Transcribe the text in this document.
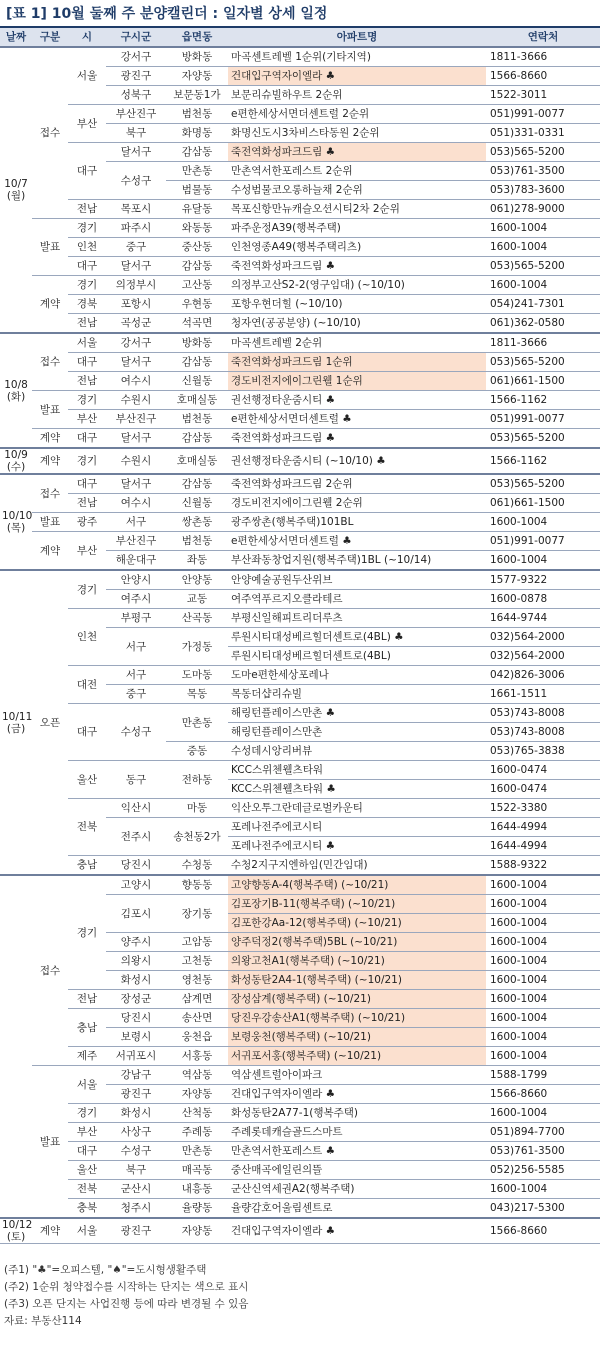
[표 1] 10월 둘째 주 분양캘린더 : 일자별 상세 일정
날짜	구분	시	구시군	읍면동	아파트명	연락처
10/7
(월)	접수	서울	강서구	방화동	마곡센트레벨 1순위(기타지역)	1811-3666
			광진구	자양동	건대입구역자이엘라 ♣	1566-8660
			성북구	보문동1가	보문리슈빌하우트 2순위	1522-3011
		부산	부산진구	범천동	e편한세상서면더센트럴 2순위	051)991-0077
			북구	화명동	화명신도시3차비스타동원 2순위	051)331-0331
		대구	달서구	감삼동	죽전역화성파크드림 ♣	053)565-5200
			수성구	만촌동	만촌역서한포레스트 2순위	053)761-3500
				범물동	수성범물코오롱하늘채 2순위	053)783-3600
		전남	목포시	유달동	목포신항만뉴캐슬오션시티2차 2순위	061)278-9000
	발표	경기	파주시	와동동	파주운정A39(행복주택)	1600-1004
		인천	중구	중산동	인천영종A49(행복주택리츠)	1600-1004
		대구	달서구	감삼동	죽전역화성파크드림 ♣	053)565-5200
	계약	경기	의정부시	고산동	의정부고산S2-2(영구임대) (~10/10)	1600-1004
		경북	포항시	우현동	포항우현더힐 (~10/10)	054)241-7301
		전남	곡성군	석곡면	청자연(공공분양) (~10/10)	061)362-0580
10/8
(화)	접수	서울	강서구	방화동	마곡센트레벨 2순위	1811-3666
		대구	달서구	감삼동	죽전역화성파크드림 1순위	053)565-5200
		전남	여수시	신월동	경도비전지에이그린웰 1순위	061)661-1500
	발표	경기	수원시	호매실동	권선행정타운줌시티 ♣	1566-1162
		부산	부산진구	범천동	e편한세상서면더센트럴 ♣	051)991-0077
	계약	대구	달서구	감삼동	죽전역화성파크드림 ♣	053)565-5200
10/9
(수)	계약	경기	수원시	호매실동	권선행정타운줌시티 (~10/10) ♣	1566-1162
10/10
(목)	접수	대구	달서구	감삼동	죽전역화성파크드림 2순위	053)565-5200
		전남	여수시	신월동	경도비전지에이그린웰 2순위	061)661-1500
	발표	광주	서구	쌍촌동	광주쌍촌(행복주택)101BL	1600-1004
	계약	부산	부산진구	범천동	e편한세상서면더센트럴 ♣	051)991-0077
			해운대구	좌동	부산좌동창업지원(행복주택)1BL (~10/14)	1600-1004
10/11
(금)	오픈	경기	안양시	안양동	안양예술공원두산위브	1577-9322
			여주시	교동	여주역푸르지오클라테르	1600-0878
		인천	부평구	산곡동	부평신일해피트리더루츠	1644-9744
			서구	가정동	루원시티대성베르힐더센트로(4BL) ♣	032)564-2000
					루원시티대성베르힐더센트로(4BL)	032)564-2000
		대전	서구	도마동	도마e편한세상포레나	042)826-3006
			중구	목동	목동더샵리슈빌	1661-1511
		대구	수성구	만촌동	해링턴플레이스만촌 ♣	053)743-8008
					해링턴플레이스만촌	053)743-8008
				중동	수성데시앙리버뷰	053)765-3838
		울산	동구	전하동	KCC스위첸웰츠타워	1600-0474
					KCC스위첸웰츠타워 ♣	1600-0474
		전북	익산시	마동	익산오투그란데글로벌카운티	1522-3380
			전주시	송천동2가	포레나전주에코시티	1644-4994
					포레나전주에코시티 ♣	1644-4994
		충남	당진시	수청동	수청2지구지엔하임(민간임대)	1588-9322
	접수	경기	고양시	향동동	고양향동A-4(행복주택) (~10/21)	1600-1004
			김포시	장기동	김포장기B-11(행복주택) (~10/21)	1600-1004
					김포한강Aa-12(행복주택) (~10/21)	1600-1004
			양주시	고암동	양주덕정2(행복주택)5BL (~10/21)	1600-1004
			의왕시	고천동	의왕고천A1(행복주택) (~10/21)	1600-1004
			화성시	영천동	화성동탄2A4-1(행복주택) (~10/21)	1600-1004
		전남	장성군	삼계면	장성삼계(행복주택) (~10/21)	1600-1004
		충남	당진시	송산면	당진우강송산A1(행복주택) (~10/21)	1600-1004
			보령시	웅천읍	보령웅천(행복주택) (~10/21)	1600-1004
		제주	서귀포시	서홍동	서귀포서홍(행복주택) (~10/21)	1600-1004
	발표	서울	강남구	역삼동	역삼센트럴아이파크	1588-1799
			광진구	자양동	건대입구역자이엘라 ♣	1566-8660
		경기	화성시	산척동	화성동탄2A77-1(행복주택)	1600-1004
		부산	사상구	주례동	주례롯데캐슬골드스마트	051)894-7700
		대구	수성구	만촌동	만촌역서한포레스트 ♣	053)761-3500
		울산	북구	매곡동	중산매곡에일린의뜰	052)256-5585
		전북	군산시	내흥동	군산신역세권A2(행복주택)	1600-1004
		충북	청주시	율량동	율량감호어울림센트로	043)217-5300
10/12
(토)	계약	서울	광진구	자양동	건대입구역자이엘라 ♣	1566-8660
(주1) "♣"=오피스텔, "♠"=도시형생활주택
(주2) 1순위 청약접수를 시작하는 단지는 색으로 표시
(주3) 오픈 단지는 사업진행 등에 따라 변경될 수 있음
자료: 부동산114
